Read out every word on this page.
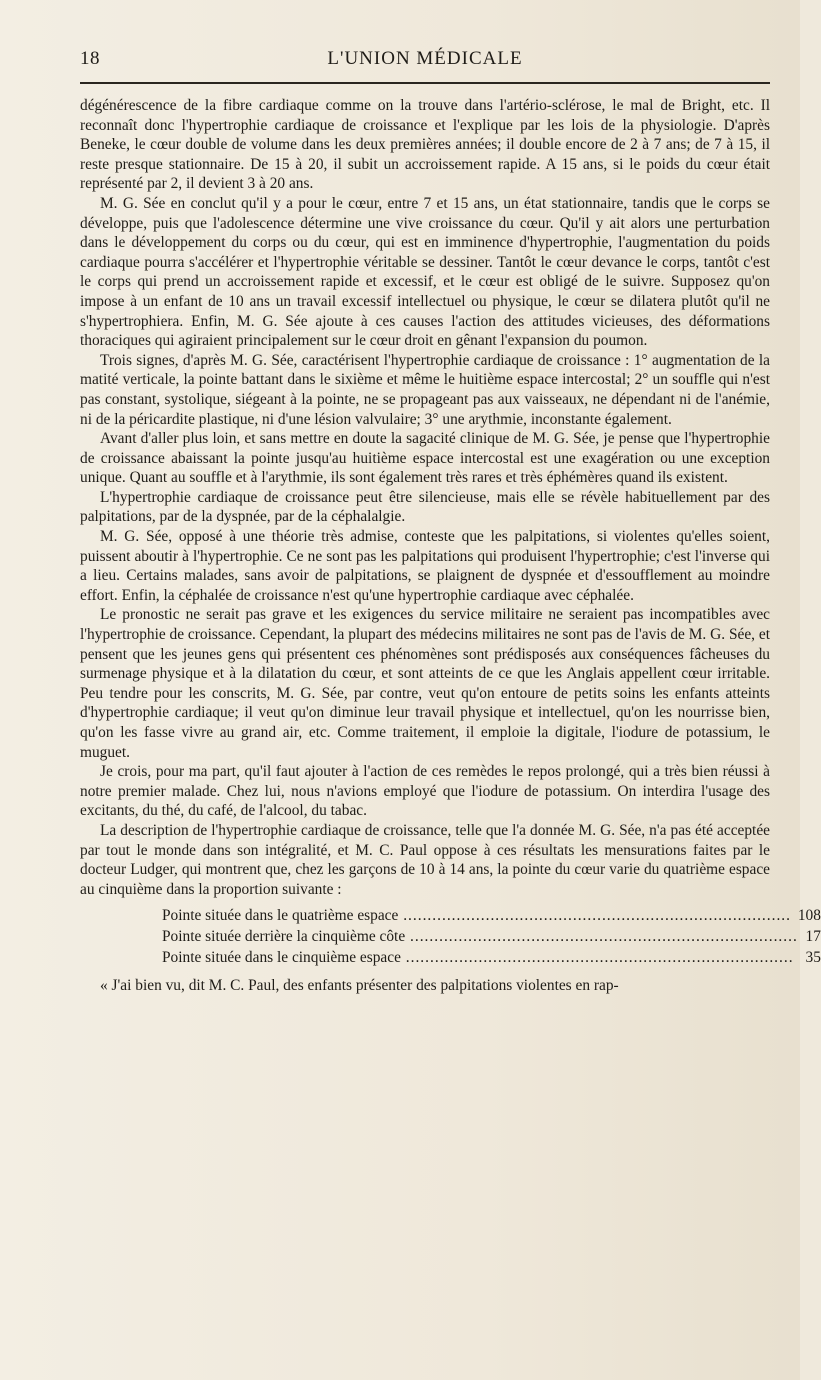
18	L'UNION MÉDICALE

dégénérescence de la fibre cardiaque comme on la trouve dans l'artério-sclérose, le mal de Bright, etc. Il reconnaît donc l'hypertrophie cardiaque de croissance et l'explique par les lois de la physiologie. D'après Beneke, le cœur double de volume dans les deux premières années; il double encore de 2 à 7 ans; de 7 à 15, il reste presque stationnaire. De 15 à 20, il subit un accroissement rapide. A 15 ans, si le poids du cœur était représenté par 2, il devient 3 à 20 ans.

M. G. Sée en conclut qu'il y a pour le cœur, entre 7 et 15 ans, un état stationnaire, tandis que le corps se développe, puis que l'adolescence détermine une vive croissance du cœur. Qu'il y ait alors une perturbation dans le développement du corps ou du cœur, qui est en imminence d'hypertrophie, l'augmentation du poids cardiaque pourra s'accélérer et l'hypertrophie véritable se dessiner. Tantôt le cœur devance le corps, tantôt c'est le corps qui prend un accroissement rapide et excessif, et le cœur est obligé de le suivre. Supposez qu'on impose à un enfant de 10 ans un travail excessif intellectuel ou physique, le cœur se dilatera plutôt qu'il ne s'hypertrophiera. Enfin, M. G. Sée ajoute à ces causes l'action des attitudes vicieuses, des déformations thoraciques qui agiraient principalement sur le cœur droit en gênant l'expansion du poumon.

Trois signes, d'après M. G. Sée, caractérisent l'hypertrophie cardiaque de croissance : 1° augmentation de la matité verticale, la pointe battant dans le sixième et même le huitième espace intercostal; 2° un souffle qui n'est pas constant, systolique, siégeant à la pointe, ne se propageant pas aux vaisseaux, ne dépendant ni de l'anémie, ni de la péricardite plastique, ni d'une lésion valvulaire; 3° une arythmie, inconstante également.

Avant d'aller plus loin, et sans mettre en doute la sagacité clinique de M. G. Sée, je pense que l'hypertrophie de croissance abaissant la pointe jusqu'au huitième espace intercostal est une exagération ou une exception unique. Quant au souffle et à l'arythmie, ils sont également très rares et très éphémères quand ils existent.

L'hypertrophie cardiaque de croissance peut être silencieuse, mais elle se révèle habituellement par des palpitations, par de la dyspnée, par de la céphalalgie.

M. G. Sée, opposé à une théorie très admise, conteste que les palpitations, si violentes qu'elles soient, puissent aboutir à l'hypertrophie. Ce ne sont pas les palpitations qui produisent l'hypertrophie; c'est l'inverse qui a lieu. Certains malades, sans avoir de palpitations, se plaignent de dyspnée et d'essoufflement au moindre effort. Enfin, la céphalée de croissance n'est qu'une hypertrophie cardiaque avec céphalée.

Le pronostic ne serait pas grave et les exigences du service militaire ne seraient pas incompatibles avec l'hypertrophie de croissance. Cependant, la plupart des médecins militaires ne sont pas de l'avis de M. G. Sée, et pensent que les jeunes gens qui présentent ces phénomènes sont prédisposés aux conséquences fâcheuses du surmenage physique et à la dilatation du cœur, et sont atteints de ce que les Anglais appellent cœur irritable. Peu tendre pour les conscrits, M. G. Sée, par contre, veut qu'on entoure de petits soins les enfants atteints d'hypertrophie cardiaque; il veut qu'on diminue leur travail physique et intellectuel, qu'on les nourrisse bien, qu'on les fasse vivre au grand air, etc. Comme traitement, il emploie la digitale, l'iodure de potassium, le muguet.

Je crois, pour ma part, qu'il faut ajouter à l'action de ces remèdes le repos prolongé, qui a très bien réussi à notre premier malade. Chez lui, nous n'avions employé que l'iodure de potassium. On interdira l'usage des excitants, du thé, du café, de l'alcool, du tabac.

La description de l'hypertrophie cardiaque de croissance, telle que l'a donnée M. G. Sée, n'a pas été acceptée par tout le monde dans son intégralité, et M. C. Paul oppose à ces résultats les mensurations faites par le docteur Ludger, qui montrent que, chez les garçons de 10 à 14 ans, la pointe du cœur varie du quatrième espace au cinquième dans la proportion suivante :

Pointe située dans le quatrième espace .....	108
Pointe située derrière la cinquième côte .....	17
Pointe située dans le cinquième espace .....	35

« J'ai bien vu, dit M. C. Paul, des enfants présenter des palpitations violentes en rap-
